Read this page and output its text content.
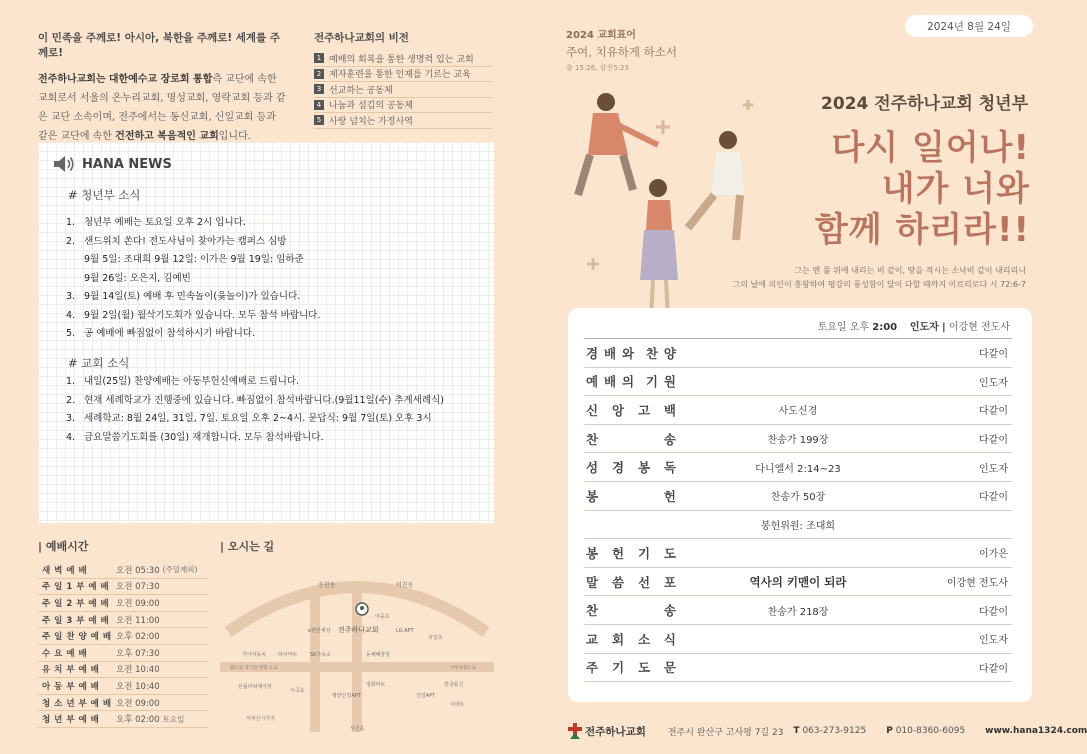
이 민족을 주께로! 아시아, 북한을 주께로! 세계를 주께로!
전주하나교회는 대한예수교 장로회 통합측 교단에 속한 교회로서 서울의 온누리교회, 명성교회, 영락교회 등과 같은 교단 소속이며, 전주에서는 동신교회, 신일교회 등과 같은 교단에 속한 건전하고 복음적인 교회입니다.
전주하나교회의 비전
1 예배의 회복을 통한 생명력 있는 교회
2 제자훈련을 통한 인재를 기르는 교육
3 선교하는 공동체
4 나눔과 섬김의 공동체
5 사랑 넘치는 가정사역
HANA NEWS
# 청년부 소식
1. 청년부 예배는 토요일 오후 2시 입니다.
2. 샌드위치 쏜다! 전도사님이 찾아가는 캠퍼스 심방
9월 5일: 조대희 9월 12일: 이가은 9월 19일: 임하준
9월 26일: 오은지, 김예빈
3. 9월 14일(토) 예배 후 민속놀이(윷놀이)가 있습니다.
4. 9월 2일(월) 월삭기도회가 있습니다. 모두 참석 바랍니다.
5. 공 예배에 빠짐없이 참석하시기 바랍니다.
# 교회 소식
1. 내일(25일) 찬양예배는 아동부헌신예배로 드립니다.
2. 현재 세례학교가 진행중에 있습니다. 빠짐없이 참석바랍니다.(9월11일(수) 추계세례식)
3. 세례학교: 8월 24일, 31일, 7일. 토요일 오후 2~4시. 문답식: 9월 7일(토) 오후 3시
4. 금요말씀기도회를 (30일) 재개합니다. 모두 참석바랍니다.
| 예배시간
새 벽 예 배	오전 05:30 (주일제외)
주 일 1 부 예 배 오전 07:30
주 일 2 부 예 배 오전 09:00
주 일 3 부 예 배 오전 11:00
주 일 찬 양 예 배 오후 02:00
수 요 예 배	오후 07:30
유 치 부 예 배	오전 10:40
아 동 부 예 배	오전 10:40
청 소 년 부 예 배 오전 09:00
청 년 부 예 배	오후 02:00 토요일
| 오시는 길
송천동	덕진동
전주하나교회
e편한세상	LG APT
아중초
서일초
기아자동차 하이마트	SK주유소	동해해물탕
월드컵 경기장 방향 도로	서부우회도로
선플라워예식장
서곡초
평안신앙APT
정화마트
신일APT
한국통신
이마트
서부신시가지
서신초
2024 교회표어
주여, 치유하게 하소서
출 15:26, 삼천5:23
2024년 8월 24일
2024 전주하나교회 청년부
다시 일어나!
내가 너와
함께 하리라!!
그는 벤 풀 위에 내리는 비 같이, 땅을 적시는 소낙비 같이 내리리니
그의 날에 의인이 흥왕하여 평강의 풍성함이 달이 다할 때까지 이르리로다 시 72:6-7
토요일 오후 2:00 인도자 | 이강현 전도사
경 배 와 찬 양	다같이
예 배 의 기 원	인도자
신 앙 고 백	사도신경	다같이
찬	송	찬송가 199장	다같이
성 경 봉 독	다니엘서 2:14~23	인도자
봉	헌	찬송가 50장	다같이
봉헌위원: 조대희
봉 헌 기 도	이가은
말 씀 선 포	역사의 키맨이 되라	이강현 전도사
찬	송	찬송가 218장	다같이
교 회 소 식	인도자
주 기 도 문	다같이
전주하나교회 전주시 완산구 고사평 7길 23 T 063-273-9125	P 010-8360-6095	www.hana1324.com
